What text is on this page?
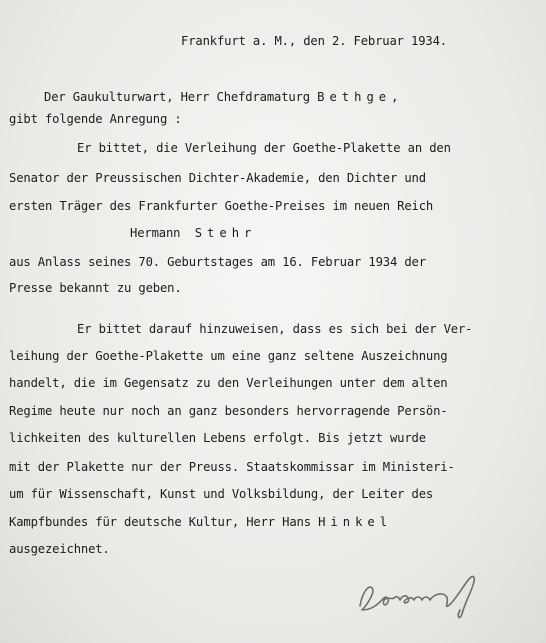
Frankfurt a. M., den 2. Februar 1934.
Der Gaukulturwart, Herr Chefdramaturg Bethge,
gibt folgende Anregung :
Er bittet, die Verleihung der Goethe-Plakette an den
Senator der Preussischen Dichter-Akademie, den Dichter und
ersten Träger des Frankfurter Goethe-Preises im neuen Reich
Hermann Stehr
aus Anlass seines 70. Geburtstages am 16. Februar 1934 der
Presse bekannt zu geben.
Er bittet darauf hinzuweisen, dass es sich bei der Ver-
leihung der Goethe-Plakette um eine ganz seltene Auszeichnung
handelt, die im Gegensatz zu den Verleihungen unter dem alten
Regime heute nur noch an ganz besonders hervorragende Persön-
lichkeiten des kulturellen Lebens erfolgt. Bis jetzt wurde
mit der Plakette nur der Preuss. Staatskommissar im Ministeri-
um für Wissenschaft, Kunst und Volksbildung, der Leiter des
Kampfbundes für deutsche Kultur, Herr Hans Hinkel
ausgezeichnet.
